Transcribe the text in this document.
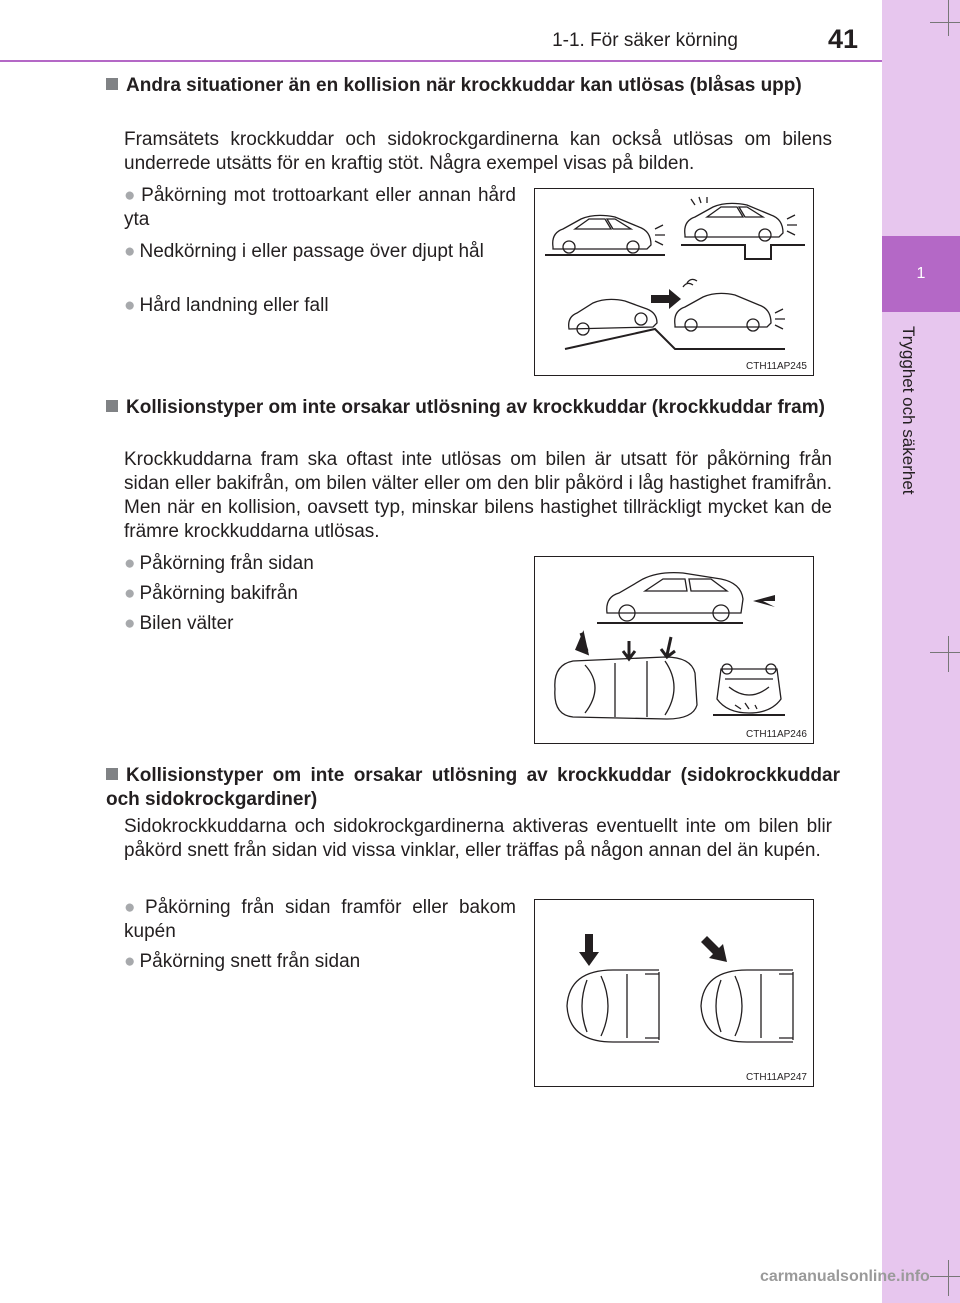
1-1. För säker körning	41
1
Trygghet och säkerhet
Andra situationer än en kollision när krockkuddar kan utlösas (blåsas upp)
Framsätets krockkuddar och sidokrockgardinerna kan också utlösas om bilens underrede utsätts för en kraftig stöt. Några exempel visas på bilden.
● Påkörning mot trottoarkant eller annan hård yta
● Nedkörning i eller passage över djupt hål
● Hård landning eller fall
CTH11AP245
Kollisionstyper om inte orsakar utlösning av krockkuddar (krockkuddar fram)
Krockkuddarna fram ska oftast inte utlösas om bilen är utsatt för påkörning från sidan eller bakifrån, om bilen välter eller om den blir påkörd i låg hastighet framifrån. Men när en kollision, oavsett typ, minskar bilens hastighet tillräckligt mycket kan de främre krockkuddarna utlösas.
● Påkörning från sidan
● Påkörning bakifrån
● Bilen välter
CTH11AP246
Kollisionstyper om inte orsakar utlösning av krockkuddar (sidokrockkuddar och sidokrockgardiner)
Sidokrockkuddarna och sidokrockgardinerna aktiveras eventuellt inte om bilen blir påkörd snett från sidan vid vissa vinklar, eller träffas på någon annan del än kupén.
● Påkörning från sidan framför eller bakom kupén
● Påkörning snett från sidan
CTH11AP247
carmanualsonline.info
